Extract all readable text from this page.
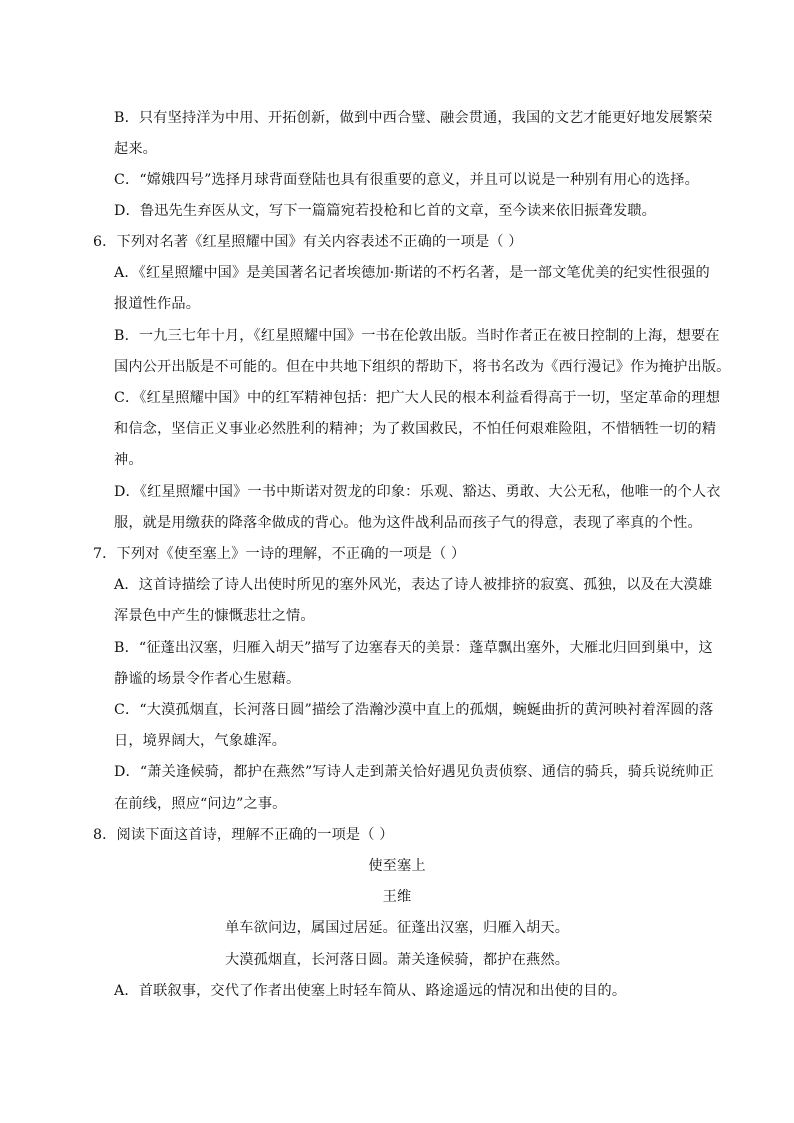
B．只有坚持洋为中用、开拓创新，做到中西合璧、融会贯通，我国的文艺才能更好地发展繁荣
起来。
C．“嫦娥四号”选择月球背面登陆也具有很重要的意义，并且可以说是一种别有用心的选择。
D．鲁迅先生弃医从文，写下一篇篇宛若投枪和匕首的文章，至今读来依旧振聋发聩。
6．下列对名著《红星照耀中国》有关内容表述不正确的一项是（ ）
A．《红星照耀中国》是美国著名记者埃德加·斯诺的不朽名著，是一部文笔优美的纪实性很强的
报道性作品。
B．一九三七年十月，《红星照耀中国》一书在伦敦出版。当时作者正在被日控制的上海，想要在
国内公开出版是不可能的。但在中共地下组织的帮助下，将书名改为《西行漫记》作为掩护出版。
C．《红星照耀中国》中的红军精神包括：把广大人民的根本利益看得高于一切，坚定革命的理想
和信念，坚信正义事业必然胜利的精神；为了救国救民，不怕任何艰难险阻，不惜牺牲一切的精
神。
D．《红星照耀中国》一书中斯诺对贺龙的印象：乐观、豁达、勇敢、大公无私，他唯一的个人衣
服，就是用缴获的降落伞做成的背心。他为这件战利品而孩子气的得意，表现了率真的个性。
7．下列对《使至塞上》一诗的理解，不正确的一项是（ ）
A．这首诗描绘了诗人出使时所见的塞外风光，表达了诗人被排挤的寂寞、孤独，以及在大漠雄
浑景色中产生的慷慨悲壮之情。
B．“征蓬出汉塞，归雁入胡天”描写了边塞春天的美景：蓬草飘出塞外，大雁北归回到巢中，这
静谧的场景令作者心生慰藉。
C．“大漠孤烟直，长河落日圆”描绘了浩瀚沙漠中直上的孤烟，蜿蜒曲折的黄河映衬着浑圆的落
日，境界阔大，气象雄浑。
D．“萧关逢候骑，都护在燕然”写诗人走到萧关恰好遇见负责侦察、通信的骑兵，骑兵说统帅正
在前线，照应“问边”之事。
8．阅读下面这首诗，理解不正确的一项是（ ）
使至塞上
王维
单车欲问边，属国过居延。征蓬出汉塞，归雁入胡天。
大漠孤烟直，长河落日圆。萧关逢候骑，都护在燕然。
A．首联叙事，交代了作者出使塞上时轻车简从、路途遥远的情况和出使的目的。
